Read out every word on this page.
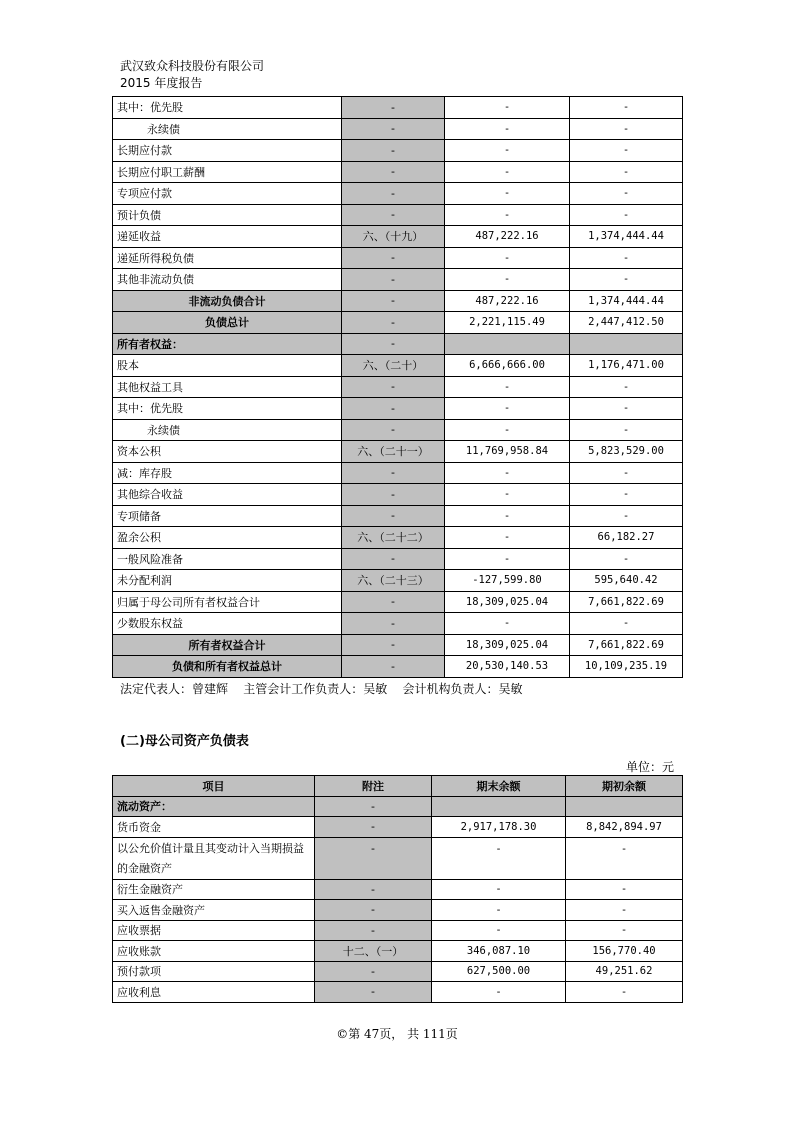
武汉致众科技股份有限公司
2015 年度报告
其中：优先股	-	-	-
永续债	-	-	-
长期应付款	-	-	-
长期应付职工薪酬	-	-	-
专项应付款	-	-	-
预计负债	-	-	-
递延收益	六、（十九）	487,222.16	1,374,444.44
递延所得税负债	-	-	-
其他非流动负债	-	-	-
非流动负债合计	-	487,222.16	1,374,444.44
负债总计	-	2,221,115.49	2,447,412.50
所有者权益：	-		
股本	六、（二十）	6,666,666.00	1,176,471.00
其他权益工具	-	-	-
其中：优先股	-	-	-
永续债	-	-	-
资本公积	六、（二十一）	11,769,958.84	5,823,529.00
减：库存股	-	-	-
其他综合收益	-	-	-
专项储备	-	-	-
盈余公积	六、（二十二）	-	66,182.27
一般风险准备	-	-	-
未分配利润	六、（二十三）	-127,599.80	595,640.42
归属于母公司所有者权益合计	-	18,309,025.04	7,661,822.69
少数股东权益	-	-	-
所有者权益合计	-	18,309,025.04	7,661,822.69
负债和所有者权益总计	-	20,530,140.53	10,109,235.19
法定代表人：曾建辉    主管会计工作负责人：吴敏    会计机构负责人：吴敏
(二)母公司资产负债表
单位：元
项目	附注	期末余额	期初余额
流动资产：	-		
货币资金	-	2,917,178.30	8,842,894.97
以公允价值计量且其变动计入当期损益的金融资产	-	-	-
衍生金融资产	-	-	-
买入返售金融资产	-	-	-
应收票据	-	-	-
应收账款	十二、（一）	346,087.10	156,770.40
预付款项	-	627,500.00	49,251.62
应收利息	-	-	-
©第 47页， 共 111页
